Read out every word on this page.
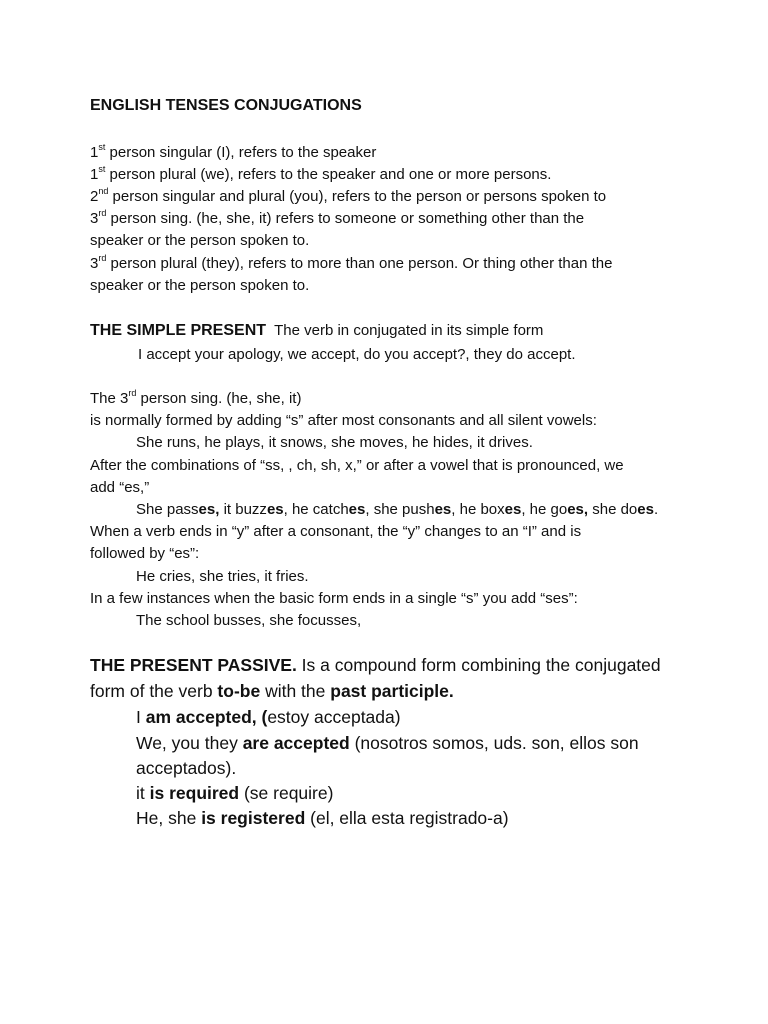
ENGLISH TENSES CONJUGATIONS
1st person singular (I), refers to the speaker
1st person plural (we), refers to the speaker and one or more persons.
2nd person singular and plural (you), refers to the person or persons spoken to
3rd person sing. (he, she, it) refers to someone or something other than the
speaker or the person spoken to.
3rd person plural (they), refers to more than one person. Or thing other than the
speaker or the person spoken to.
THE SIMPLE PRESENT The verb in conjugated in its simple form
I accept your apology, we accept, do you accept?, they do accept.
The 3rd person sing. (he, she, it)
is normally formed by adding “s” after most consonants and all silent vowels:
She runs, he plays, it snows, she moves, he hides, it drives.
After the combinations of “ss, , ch, sh, x,” or after a vowel that is pronounced, we
add “es,”
She passes, it buzzes, he catches, she pushes, he boxes, he goes, she does.
When a verb ends in “y” after a consonant, the “y” changes to an “I” and is
followed by “es”:
He cries, she tries, it fries.
In a few instances when the basic form ends in a single “s” you add “ses”:
The school busses, she focusses,
THE PRESENT PASSIVE. Is a compound form combining the conjugated
form of the verb to-be with the past participle.
I am accepted, (estoy acceptada)
We, you they are accepted (nosotros somos, uds. son, ellos son
acceptados).
it is required (se require)
He, she is registered (el, ella esta registrado-a)
